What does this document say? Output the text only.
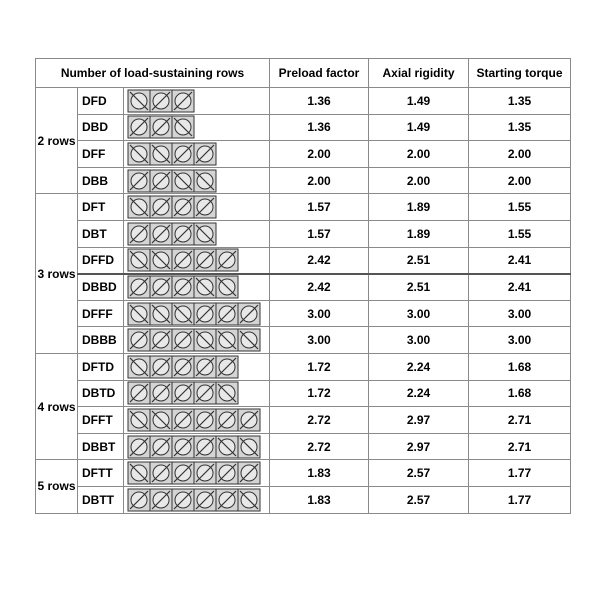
Number of load-sustaining rows			Preload factor	Axial rigidity	Starting torque
2 rows	DFD		1.36	1.49	1.35
	DBD		1.36	1.49	1.35
	DFF		2.00	2.00	2.00
	DBB		2.00	2.00	2.00
3 rows	DFT		1.57	1.89	1.55
	DBT		1.57	1.89	1.55
	DFFD		2.42	2.51	2.41
	DBBD		2.42	2.51	2.41
	DFFF		3.00	3.00	3.00
	DBBB		3.00	3.00	3.00
4 rows	DFTD		1.72	2.24	1.68
	DBTD		1.72	2.24	1.68
	DFFT		2.72	2.97	2.71
	DBBT		2.72	2.97	2.71
5 rows	DFTT		1.83	2.57	1.77
	DBTT		1.83	2.57	1.77
